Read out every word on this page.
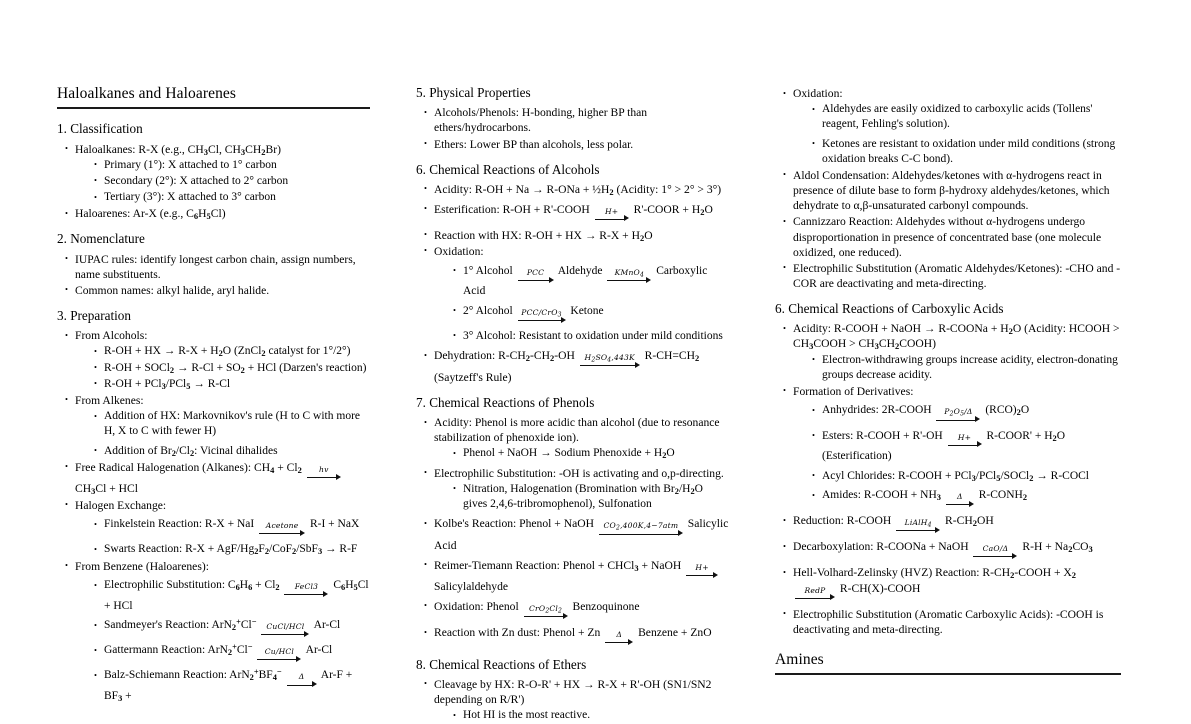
Haloalkanes and Haloarenes
1. Classification
• Haloalkanes: R-X (e.g., $CH_3Cl$, $CH_3CH_2Br$)
• Primary (1°): X attached to 1° carbon
• Secondary (2°): X attached to 2° carbon
• Tertiary (3°): X attached to 3° carbon
• Haloarenes: Ar-X (e.g., $C_6H_5Cl$)
2. Nomenclature
• IUPAC rules: identify longest carbon chain, assign numbers, name substituents.
• Common names: alkyl halide, aryl halide.
3. Preparation
• From Alcohols:
• R-OH + HX → $R-X + H_2O$ (ZnCl$_2$ catalyst for 1°/2°)
• R-OH + SOCl$_2$ → $R-Cl + SO_2$ + HCl (Darzen's reaction)
• R-OH + PCl$_3$/PCl$_5$ → R-Cl
• From Alkenes:
• Addition of HX: Markovnikov's rule (H to C with more H, X to C with fewer H)
• Addition of $Br_2/Cl_2$: Vicinal dihalides
• Free Radical Halogenation (Alkanes): $CH_4 + Cl_2$	hv
$CH_3Cl$ + HCl
• Halogen Exchange:
• Finkelstein Reaction: R-X + NaI	Acetone R-I + NaX
• Swarts Reaction: R-X + AgF/$Hg_2F_2/CoF_2/SbF_3 \to R-F$
• From Benzene (Haloarenes):
• Electrophilic Substitution: $C_6H_6 + Cl_2$	FeCl3	$C_6H_5Cl$ + HCl
• Sandmeyer's Reaction: ArN$_2$+Cl−
CuCl/HCl Ar-Cl
• Gattermann Reaction: ArN$_2$+Cl−
Cu/HCl Ar-Cl
• Balz-Schiemann Reaction: $ArN_2^+BF_4^-$
Δ	$Ar-F + BF_3$ +
5. Physical Properties
• Alcohols/Phenols: H-bonding, higher BP than ethers/hydrocarbons.
• Ethers: Lower BP than alcohols, less polar.
6. Chemical Reactions of Alcohols
• Acidity: $R-OH + Na \to R-ONa + \frac{1}{2}H_2$ (Acidity: 1° > 2° > 3°)
• Esterification: R-OH + R'-COOH	H+	R'-COOR + $H_2O$
• Reaction with HX: R-OH + HX → $R-X + H_2O$
• Oxidation:
• 1° Alcohol	PCC Aldehyde	KMnO$_4$ Carboxylic Acid
• 2° Alcohol PCC/CrO$_3$ Ketone
• 3° Alcohol: Resistant to oxidation under mild conditions
• Dehydration: $R-CH_2-CH_2-OH$ $H_2SO_4,443K$ $R-CH=CH_2$ (Saytzeff's Rule)
7. Chemical Reactions of Phenols
• Acidity: Phenol is more acidic than alcohol (due to resonance stabilization of phenoxide ion).
• Phenol + NaOH → Sodium Phenoxide + $H_2O$
• Electrophilic Substitution: -OH is activating and o,p-directing.
• Nitration, Halogenation (Bromination with $Br_2/H_2O$ gives 2,4,6-tribromophenol), Sulfonation
• Kolbe's Reaction: Phenol + NaOH $CO_2,400K,4-7atm$ Salicylic Acid
• Reimer-Tiemann Reaction: Phenol + CHCl$_3$ + NaOH	H+
Salicylaldehyde
• Oxidation: Phenol $CrO_2Cl_2$ Benzoquinone
• Reaction with Zn dust: Phenol + Zn	Δ	Benzene + ZnO
8. Chemical Reactions of Ethers
• Cleavage by HX: R-O-R' + HX → R-X + R'-OH (SN1/SN2 depending on R/R')
• Hot HI is the most reactive.
• Oxidation:
• Aldehydes are easily oxidized to carboxylic acids (Tollens' reagent, Fehling's solution).
• Ketones are resistant to oxidation under mild conditions (strong oxidation breaks C-C bond).
• Aldol Condensation: Aldehydes/ketones with α-hydrogens react in presence of dilute base to form β-hydroxy aldehydes/ketones, which dehydrate to α,β-unsaturated carbonyl compounds.
• Cannizzaro Reaction: Aldehydes without α-hydrogens undergo disproportionation in presence of concentrated base (one molecule oxidized, one reduced).
• Electrophilic Substitution (Aromatic Aldehydes/Ketones): -CHO and -COR are deactivating and meta-directing.
6. Chemical Reactions of Carboxylic Acids
• Acidity: R-COOH + NaOH → R-COONa + $H_2O$ (Acidity: HCOOH > $CH_3COOH$ > $CH_3CH_2COOH$)
• Electron-withdrawing groups increase acidity, electron-donating groups decrease acidity.
• Formation of Derivatives:
• Anhydrides: 2R-COOH	$P_2O_5/\Delta$ $(RCO)_2O$
• Esters: R-COOH + R'-OH	H+	R-COOR' + $H_2O$ (Esterification)
• Acyl Chlorides: R-COOH + PCl$_3$/PCl$_5$/SOCl$_2$ → R-COCl
• Amides: R-COOH + $NH_3$	Δ	$R-CONH_2$
• Reduction: R-COOH	LiAlH$_4$ $R-CH_2OH$
• Decarboxylation: R-COONa + NaOH	CaO/Δ $R-H + Na_2CO_3$
• Hell-Volhard-Zelinsky (HVZ) Reaction: $R-CH_2$-COOH + $X_2$
RedP R-CH(X)-COOH
• Electrophilic Substitution (Aromatic Carboxylic Acids): -COOH is deactivating and meta-directing.
Amines
